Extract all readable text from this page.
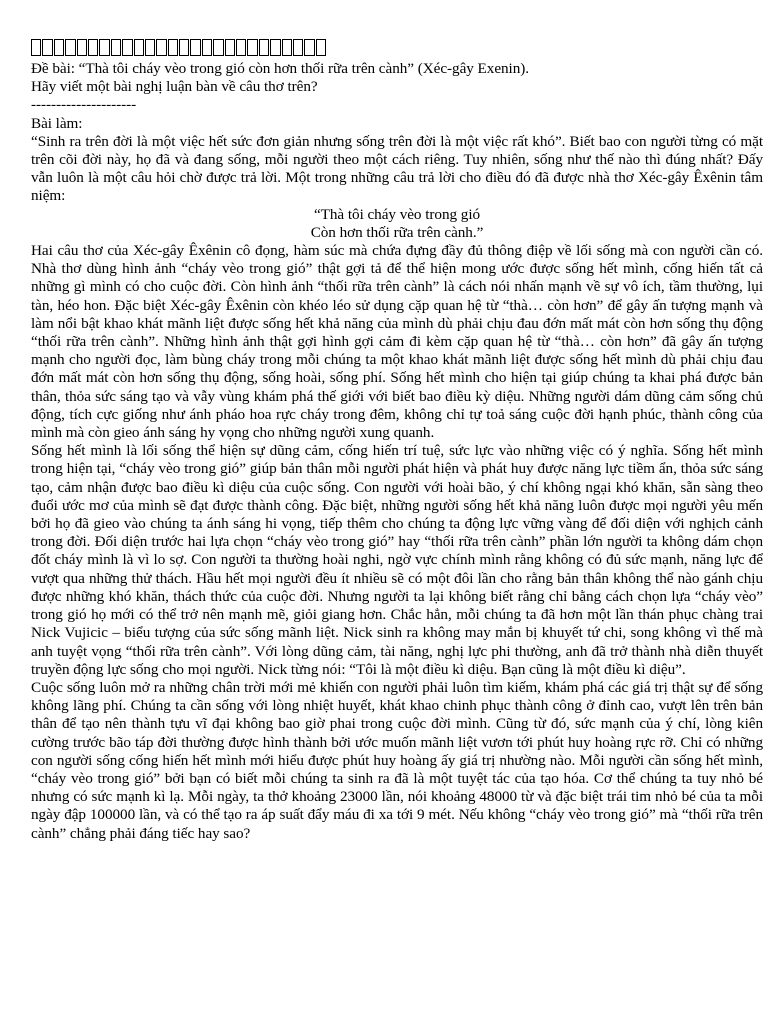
Đề bài: “Thà tôi cháy vèo trong gió còn hơn thối rữa trên cành” (Xéc-gây Exenin).

Hãy viết một bài nghị luận bàn về câu thơ trên?

---------------------

Bài làm:

“Sinh ra trên đời là một việc hết sức đơn giản nhưng sống trên đời là một việc rất khó”. Biết bao con người từng có mặt trên cõi đời này, họ đã và đang sống, mỗi người theo một cách riêng. Tuy nhiên, sống như thế nào thì đúng nhất? Đấy vẫn luôn là một câu hỏi chờ được trả lời. Một trong những câu trả lời cho điều đó đã được nhà thơ Xéc-gây Êxênin tâm niệm:

“Thà tôi cháy vèo trong gió

Còn hơn thối rữa trên cành.”

Hai câu thơ của Xéc-gây Êxênin cô đọng, hàm súc mà chứa đựng đầy đủ thông điệp về lối sống mà con người cần có. Nhà thơ dùng hình ảnh “cháy vèo trong gió” thật gợi tả để thể hiện mong ước được sống hết mình, cống hiến tất cả những gì mình có cho cuộc đời. Còn hình ảnh “thối rữa trên cành” là cách nói nhấn mạnh về sự vô ích, tầm thường, lụi tàn, héo hon. Đặc biệt Xéc-gây Êxênin còn khéo léo sử dụng cặp quan hệ từ “thà… còn hơn” để gây ấn tượng mạnh và làm nổi bật khao khát mãnh liệt được sống hết khả năng của mình dù phải chịu đau đớn mất mát còn hơn sống thụ động “thối rữa trên cành”. Những hình ảnh thật gợi hình gợi cảm đi kèm cặp quan hệ từ “thà… còn hơn” đã gây ấn tượng mạnh cho người đọc, làm bùng cháy trong mỗi chúng ta một khao khát mãnh liệt được sống hết mình dù phải chịu đau đớn mất mát còn hơn sống thụ động, sống hoài, sống phí. Sống hết mình cho hiện tại giúp chúng ta khai phá được bản thân, thỏa sức sáng tạo và vẫy vùng khám phá thế giới với biết bao điều kỳ diệu. Những người dám dũng cảm sống chủ động, tích cực giống như ánh pháo hoa rực cháy trong đêm, không chỉ tự toả sáng cuộc đời hạnh phúc, thành công của mình mà còn gieo ánh sáng hy vọng cho những người xung quanh.

Sống hết mình là lối sống thể hiện sự dũng cảm, cống hiến trí tuệ, sức lực vào những việc có ý nghĩa. Sống hết mình trong hiện tại, “cháy vèo trong gió” giúp bản thân mỗi người phát hiện và phát huy được năng lực tiềm ẩn, thỏa sức sáng tạo, cảm nhận được bao điều kì diệu của cuộc sống. Con người với hoài bão, ý chí không ngại khó khăn, sẵn sàng theo đuổi ước mơ của mình sẽ đạt được thành công. Đặc biệt, những người sống hết khả năng luôn được mọi người yêu mến bởi họ đã gieo vào chúng ta ánh sáng hi vọng, tiếp thêm cho chúng ta động lực vững vàng để đối diện với nghịch cảnh trong đời. Đối diện trước hai lựa chọn “cháy vèo trong gió” hay “thối rữa trên cành” phần lớn người ta không dám chọn đốt cháy mình là vì lo sợ. Con người ta thường hoài nghi, ngờ vực chính mình rằng không có đủ sức mạnh, năng lực để vượt qua những thử thách. Hầu hết mọi người đều ít nhiều sẽ có một đôi lần cho rằng bản thân không thể nào gánh chịu được những khó khăn, thách thức của cuộc đời. Nhưng người ta lại không biết rằng chỉ bằng cách chọn lựa “cháy vèo” trong gió họ mới có thể trở nên mạnh mẽ, giỏi giang hơn. Chắc hẳn, mỗi chúng ta đã hơn một lần thán phục chàng trai Nick Vujicic – biểu tượng của sức sống mãnh liệt. Nick sinh ra không may mắn bị khuyết tứ chi, song không vì thế mà anh tuyệt vọng “thối rữa trên cành”. Với lòng dũng cảm, tài năng, nghị lực phi thường, anh đã trở thành nhà diễn thuyết truyền động lực sống cho mọi người. Nick từng nói: “Tôi là một điều kì diệu. Bạn cũng là một điều kì diệu”.

Cuộc sống luôn mở ra những chân trời mới mẻ khiến con người phải luôn tìm kiếm, khám phá các giá trị thật sự để sống không lãng phí. Chúng ta cần sống với lòng nhiệt huyết, khát khao chinh phục thành công ở đỉnh cao, vượt lên trên bản thân để tạo nên thành tựu vĩ đại không bao giờ phai trong cuộc đời mình. Cũng từ đó, sức mạnh của ý chí, lòng kiên cường trước bão táp đời thường được hình thành bởi ước muốn mãnh liệt vươn tới phút huy hoàng rực rỡ. Chỉ có những con người sống cống hiến hết mình mới hiểu được phút huy hoàng ấy giá trị nhường nào. Mỗi người cần sống hết mình, “cháy vèo trong gió” bởi bạn có biết mỗi chúng ta sinh ra đã là một tuyệt tác của tạo hóa. Cơ thể chúng ta tuy nhỏ bé nhưng có sức mạnh kì lạ. Mỗi ngày, ta thở khoảng 23000 lần, nói khoảng 48000 từ và đặc biệt trái tim nhỏ bé của ta mỗi ngày đập 100000 lần, và có thể tạo ra áp suất đẩy máu đi xa tới 9 mét. Nếu không “cháy vèo trong gió” mà “thối rữa trên cành” chẳng phải đáng tiếc hay sao?
